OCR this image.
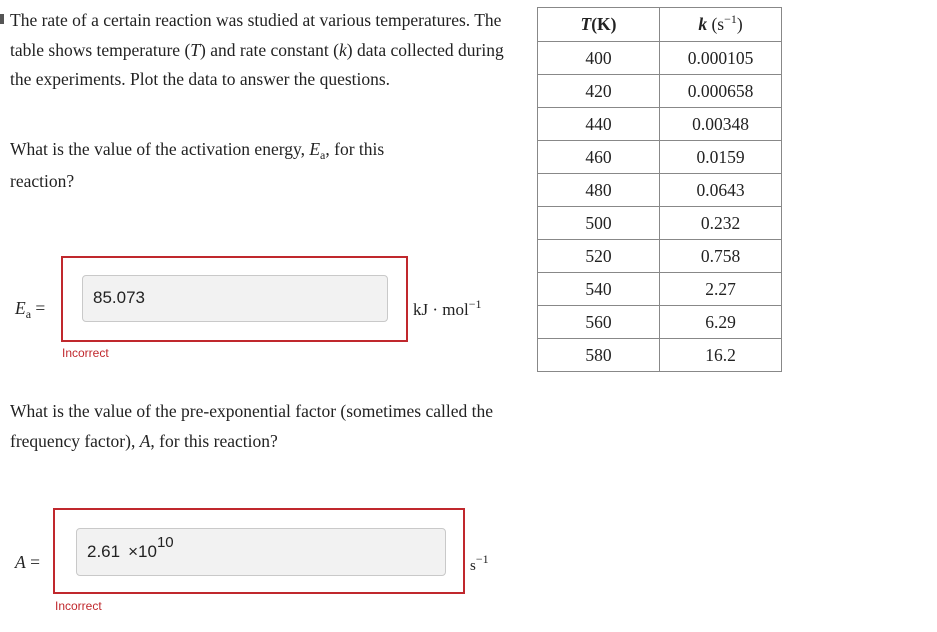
The rate of a certain reaction was studied at various temperatures. The table shows temperature (T) and rate constant (k) data collected during the experiments. Plot the data to answer the questions.

What is the value of the activation energy, $E_a$, for this reaction?

$E_a$ =
85.073
kJ · mol$^{-1}$
Incorrect

What is the value of the pre-exponential factor (sometimes called the frequency factor), A, for this reaction?

A =
2.61 ×1010
$s^{-1}$
Incorrect
T(K)	k $(s^{-1})$
400	0.000105
420	0.000658
440	0.00348
460	0.0159
480	0.0643
500	0.232
520	0.758
540	2.27
560	6.29
580	16.2
